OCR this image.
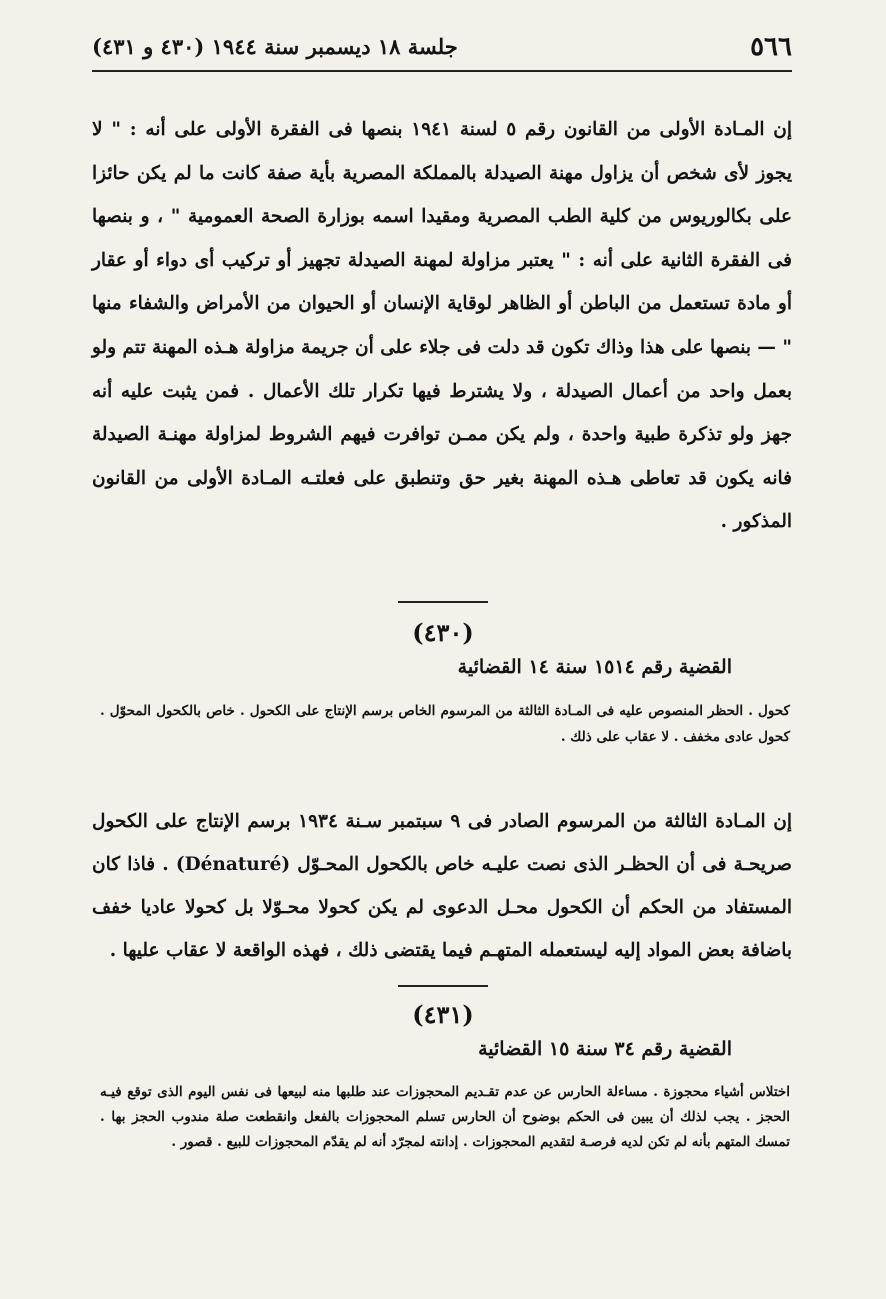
٥٦٦
جلسة ١٨ ديسمبر سنة ١٩٤٤ (٤٣٠ و ٤٣١)
إن المـادة الأولى من القانون رقم ٥ لسنة ١٩٤١ بنصها فى الفقرة الأولى على أنه : " لا يجوز لأى شخص أن يزاول مهنة الصيدلة بالمملكة المصرية بأية صفة كانت ما لم يكن حائزا على بكالوريوس من كلية الطب المصرية ومقيدا اسمه بوزارة الصحة العمومية " ، و بنصها فى الفقرة الثانية على أنه : " يعتبر مزاولة لمهنة الصيدلة تجهيز أو تركيب أى دواء أو عقار أو مادة تستعمل من الباطن أو الظاهر لوقاية الإنسان أو الحيوان من الأمراض والشفاء منها " — بنصها على هذا وذاك تكون قد دلت فى جلاء على أن جريمة مزاولة هـذه المهنة تتم ولو بعمل واحد من أعمال الصيدلة ، ولا يشترط فيها تكرار تلك الأعمال . فمن يثبت عليه أنه جهز ولو تذكرة طبية واحدة ، ولم يكن ممـن توافرت فيهم الشروط لمزاولة مهنـة الصيدلة فانه يكون قد تعاطى هـذه المهنة بغير حق وتنطبق على فعلتـه المـادة الأولى من القانون المذكور .
(٤٣٠)
القضية رقم ١٥١٤ سنة ١٤ القضائية
كحول . الحظر المنصوص عليه فى المـادة الثالثة من المرسوم الخاص برسم الإنتاج على الكحول . خاص بالكحول المحوّل . كحول عادى مخفف . لا عقاب على ذلك .
إن المـادة الثالثة من المرسوم الصادر فى ٩ سبتمبر سـنة ١٩٣٤ برسم الإنتاج على الكحول صريحـة فى أن الحظـر الذى نصت عليـه خاص بالكحول المحـوّل (Dénaturé) . فاذا كان المستفاد من الحكم أن الكحول محـل الدعوى لم يكن كحولا محـوّلا بل كحولا عاديا خفف باضافة بعض المواد إليه ليستعمله المتهـم فيما يقتضى ذلك ، فهذه الواقعة لا عقاب عليها .
(٤٣١)
القضية رقم ٣٤ سنة ١٥ القضائية
اختلاس أشياء محجوزة . مساءلة الحارس عن عدم تقـديم المحجوزات عند طلبها منه لبيعها فى نفس اليوم الذى توقع فيـه الحجز . يجب لذلك أن يبين فى الحكم بوضوح أن الحارس تسلم المحجوزات بالفعل وانقطعت صلة مندوب الحجز بها . تمسك المتهم بأنه لم تكن لديه فرصـة لتقديم المحجوزات . إدانته لمجرّد أنه لم يقدّم المحجوزات للبيع . قصور .
